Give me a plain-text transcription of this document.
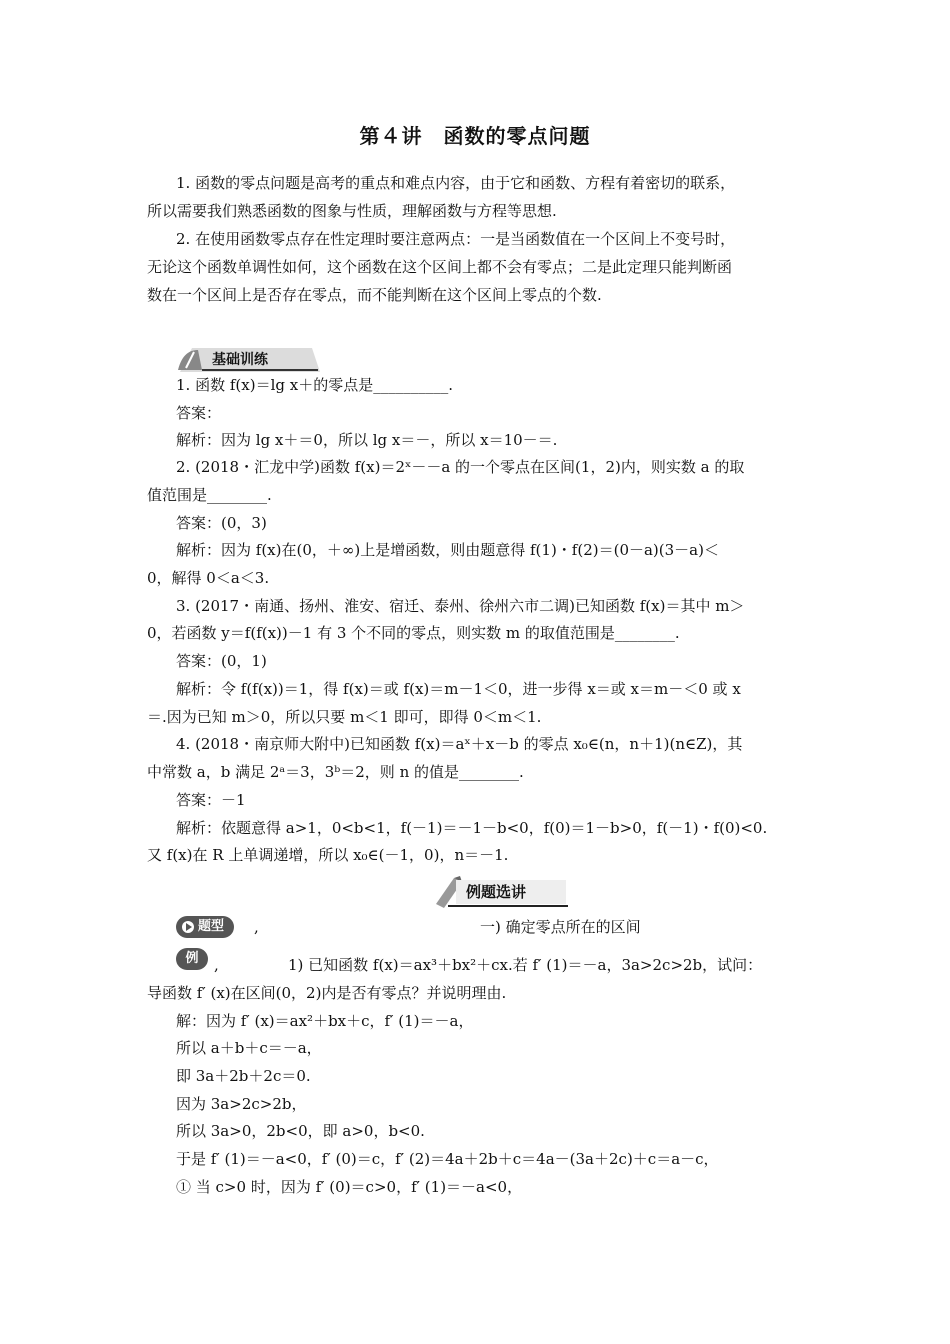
第４讲　函数的零点问题
1. 函数的零点问题是高考的重点和难点内容，由于它和函数、方程有着密切的联系，
所以需要我们熟悉函数的图象与性质，理解函数与方程等思想.
2. 在使用函数零点存在性定理时要注意两点：一是当函数值在一个区间上不变号时，
无论这个函数单调性如何，这个函数在这个区间上都不会有零点；二是此定理只能判断函
数在一个区间上是否存在零点，而不能判断在这个区间上零点的个数.
基础训练
1. 函数 f(x)＝lg x＋的零点是__________.
答案：
解析：因为 lg x＋＝0，所以 lg x＝－，所以 x＝10－＝.
2. (2018・汇龙中学)函数 f(x)＝2ˣ－－a 的一个零点在区间(1，2)内，则实数 a 的取
值范围是________.
答案：(0，3)
解析：因为 f(x)在(0，＋∞)上是增函数，则由题意得 f(1)・f(2)＝(0－a)(3－a)＜
0，解得 0＜a＜3.
3. (2017・南通、扬州、淮安、宿迁、泰州、徐州六市二调)已知函数 f(x)＝其中 m＞
0，若函数 y＝f(f(x))－1 有 3 个不同的零点，则实数 m 的取值范围是________.
答案：(0，1)
解析：令 f(f(x))＝1，得 f(x)＝或 f(x)＝m－1＜0，进一步得 x＝或 x＝m－＜0 或 x
＝.因为已知 m＞0，所以只要 m＜1 即可，即得 0＜m＜1.
4. (2018・南京师大附中)已知函数 f(x)＝aˣ＋x－b 的零点 x₀∈(n，n＋1)(n∈Z)，其
中常数 a，b 满足 2ᵃ＝3，3ᵇ＝2，则 n 的值是________.
答案：－1
解析：依题意得 a>1，0<b<1，f(－1)＝－1－b<0，f(0)＝1－b>0，f(－1)・f(0)<0.
又 f(x)在 R 上单调递增，所以 x₀∈(－1，0)，n＝－1.
例题选讲
题型	,	一) 确定零点所在的区间
例	,	1) 已知函数 f(x)＝ax³＋bx²＋cx.若 f′ (1)＝－a，3a>2c>2b，试问：
导函数 f′ (x)在区间(0，2)内是否有零点？并说明理由.
解：因为 f′ (x)＝ax²＋bx＋c，f′ (1)＝－a，
所以 a＋b＋c＝－a，
即 3a＋2b＋2c＝0.
因为 3a>2c>2b，
所以 3a>0，2b<0，即 a>0，b<0.
于是 f′ (1)＝－a<0，f′ (0)＝c，f′ (2)＝4a＋2b＋c＝4a－(3a＋2c)＋c＝a－c，
① 当 c>0 时，因为 f′ (0)＝c>0，f′ (1)＝－a<0，
